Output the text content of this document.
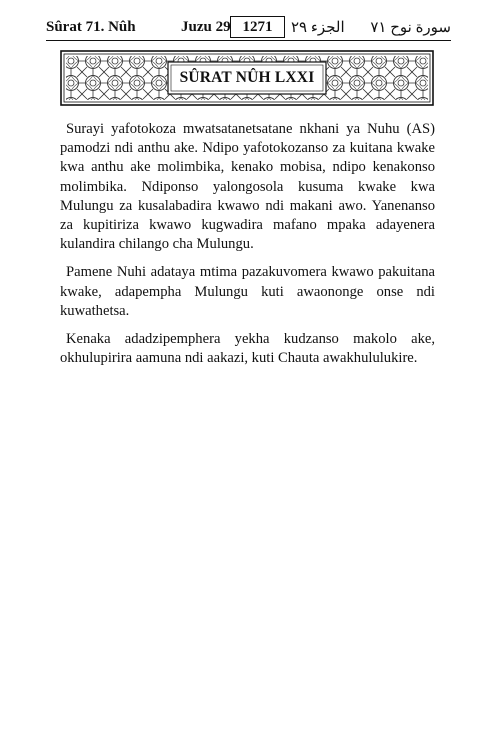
Sûrat 71. Nûh	Juzu 29 1271	الجزء ٢٩ سورة نوح ٧١
SÛRAT NÛH LXXI

Surayi yafotokoza mwatsatanetsatane nkhani ya Nuhu (AS) pamodzi ndi anthu ake. Ndipo yafotokozanso za kuitana kwake kwa anthu ake molimbika, kenako mobisa, ndipo kenakonso molimbika. Ndiponso yalongosola kusuma kwake kwa Mulungu za kusalabadira kwawo ndi makani awo. Yanenanso za kupitiriza kwawo kugwadira mafano mpaka adayenera kulandira chilango cha Mulungu.

Pamene Nuhi adataya mtima pazakuvomera kwawo pakuitana kwake, adapempha Mulungu kuti awaononge onse ndi kuwathetsa.

Kenaka adadzipemphera yekha kudzanso makolo ake, okhulupirira aamuna ndi aakazi, kuti Chauta awakhululukire.
